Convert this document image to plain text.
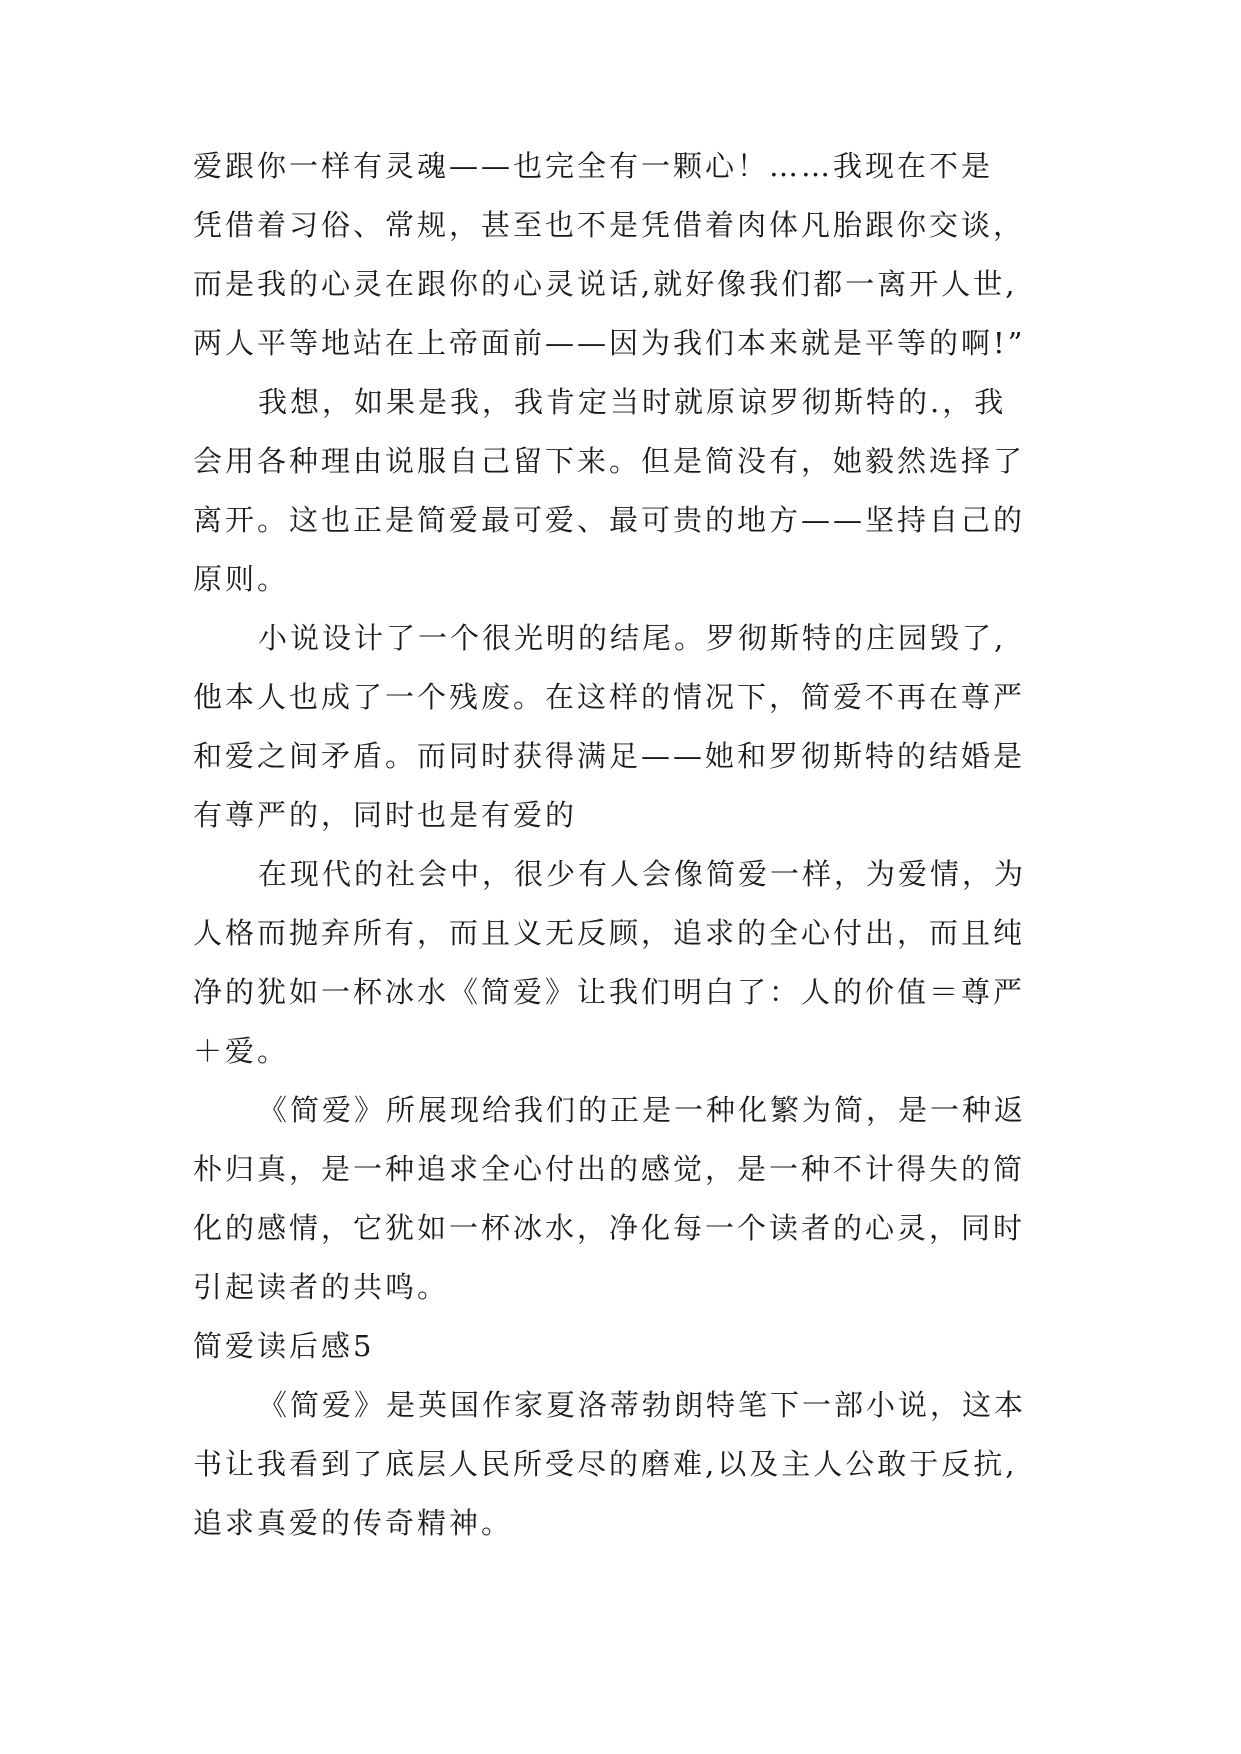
爱跟你一样有灵魂——也完全有一颗心！……我现在不是
凭借着习俗、常规，甚至也不是凭借着肉体凡胎跟你交谈，
而是我的心灵在跟你的心灵说话,就好像我们都一离开人世,
两人平等地站在上帝面前——因为我们本来就是平等的啊!”
我想，如果是我，我肯定当时就原谅罗彻斯特的.，我
会用各种理由说服自己留下来。但是简没有，她毅然选择了
离开。这也正是简爱最可爱、最可贵的地方——坚持自己的
原则。
小说设计了一个很光明的结尾。罗彻斯特的庄园毁了,
他本人也成了一个残废。在这样的情况下，简爱不再在尊严
和爱之间矛盾。而同时获得满足——她和罗彻斯特的结婚是
有尊严的，同时也是有爱的
在现代的社会中，很少有人会像简爱一样，为爱情，为
人格而抛弃所有，而且义无反顾，追求的全心付出，而且纯
净的犹如一杯冰水《简爱》让我们明白了：人的价值＝尊严
＋爱。
《简爱》所展现给我们的正是一种化繁为简，是一种返
朴归真，是一种追求全心付出的感觉，是一种不计得失的简
化的感情，它犹如一杯冰水，净化每一个读者的心灵，同时
引起读者的共鸣。
简爱读后感5
《简爱》是英国作家夏洛蒂勃朗特笔下一部小说，这本
书让我看到了底层人民所受尽的磨难,以及主人公敢于反抗,
追求真爱的传奇精神。
